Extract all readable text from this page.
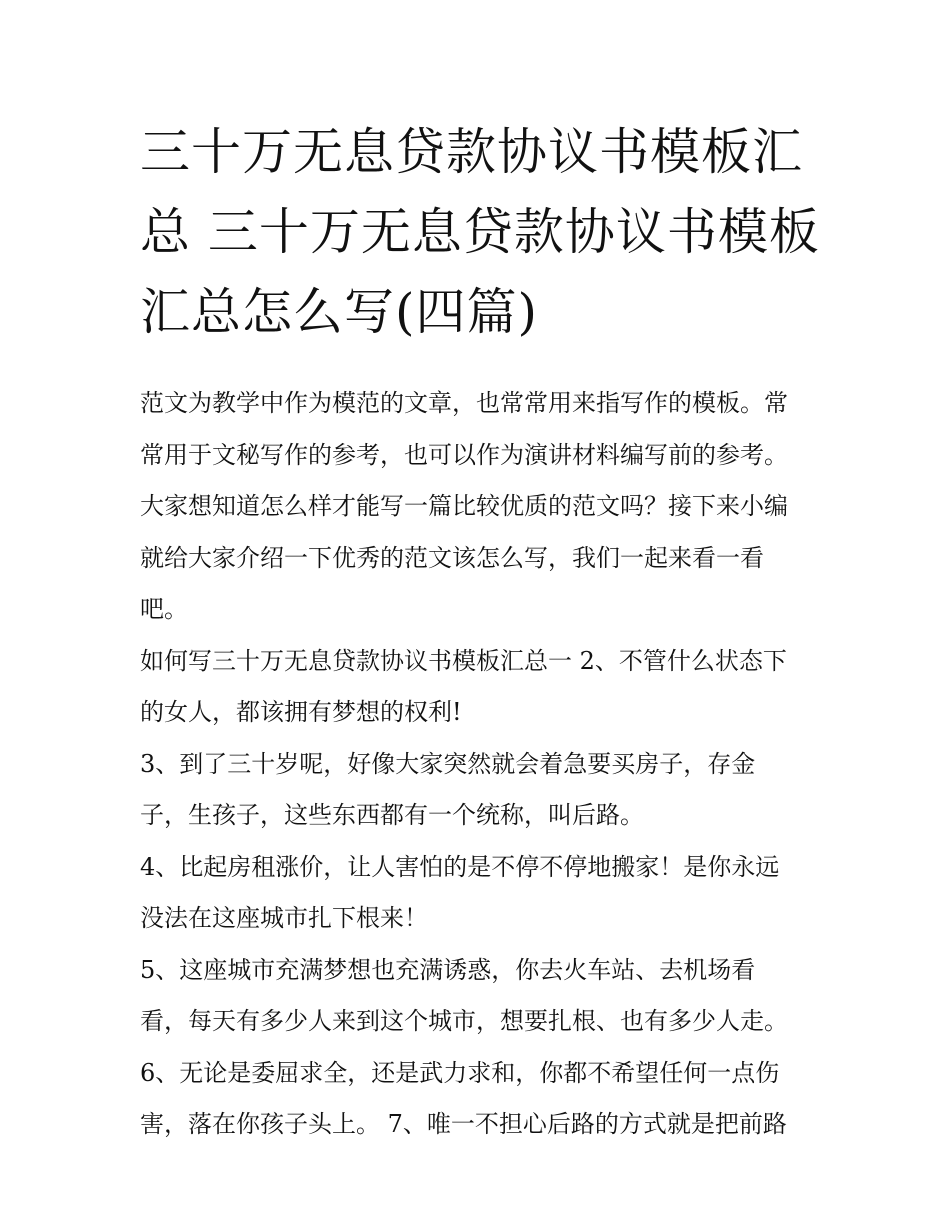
三十万无息贷款协议书模板汇
总 三十万无息贷款协议书模板
汇总怎么写(四篇)

范文为教学中作为模范的文章，也常常用来指写作的模板。常
常用于文秘写作的参考，也可以作为演讲材料编写前的参考。
大家想知道怎么样才能写一篇比较优质的范文吗？接下来小编
就给大家介绍一下优秀的范文该怎么写，我们一起来看一看
吧。

如何写三十万无息贷款协议书模板汇总一 2、不管什么状态下
的女人，都该拥有梦想的权利!

3、到了三十岁呢，好像大家突然就会着急要买房子，存金
子，生孩子，这些东西都有一个统称，叫后路。

4、比起房租涨价，让人害怕的是不停不停地搬家！是你永远
没法在这座城市扎下根来！

5、这座城市充满梦想也充满诱惑，你去火车站、去机场看
看，每天有多少人来到这个城市，想要扎根、也有多少人走。

6、无论是委屈求全，还是武力求和，你都不希望任何一点伤
害，落在你孩子头上。 7、唯一不担心后路的方式就是把前路
